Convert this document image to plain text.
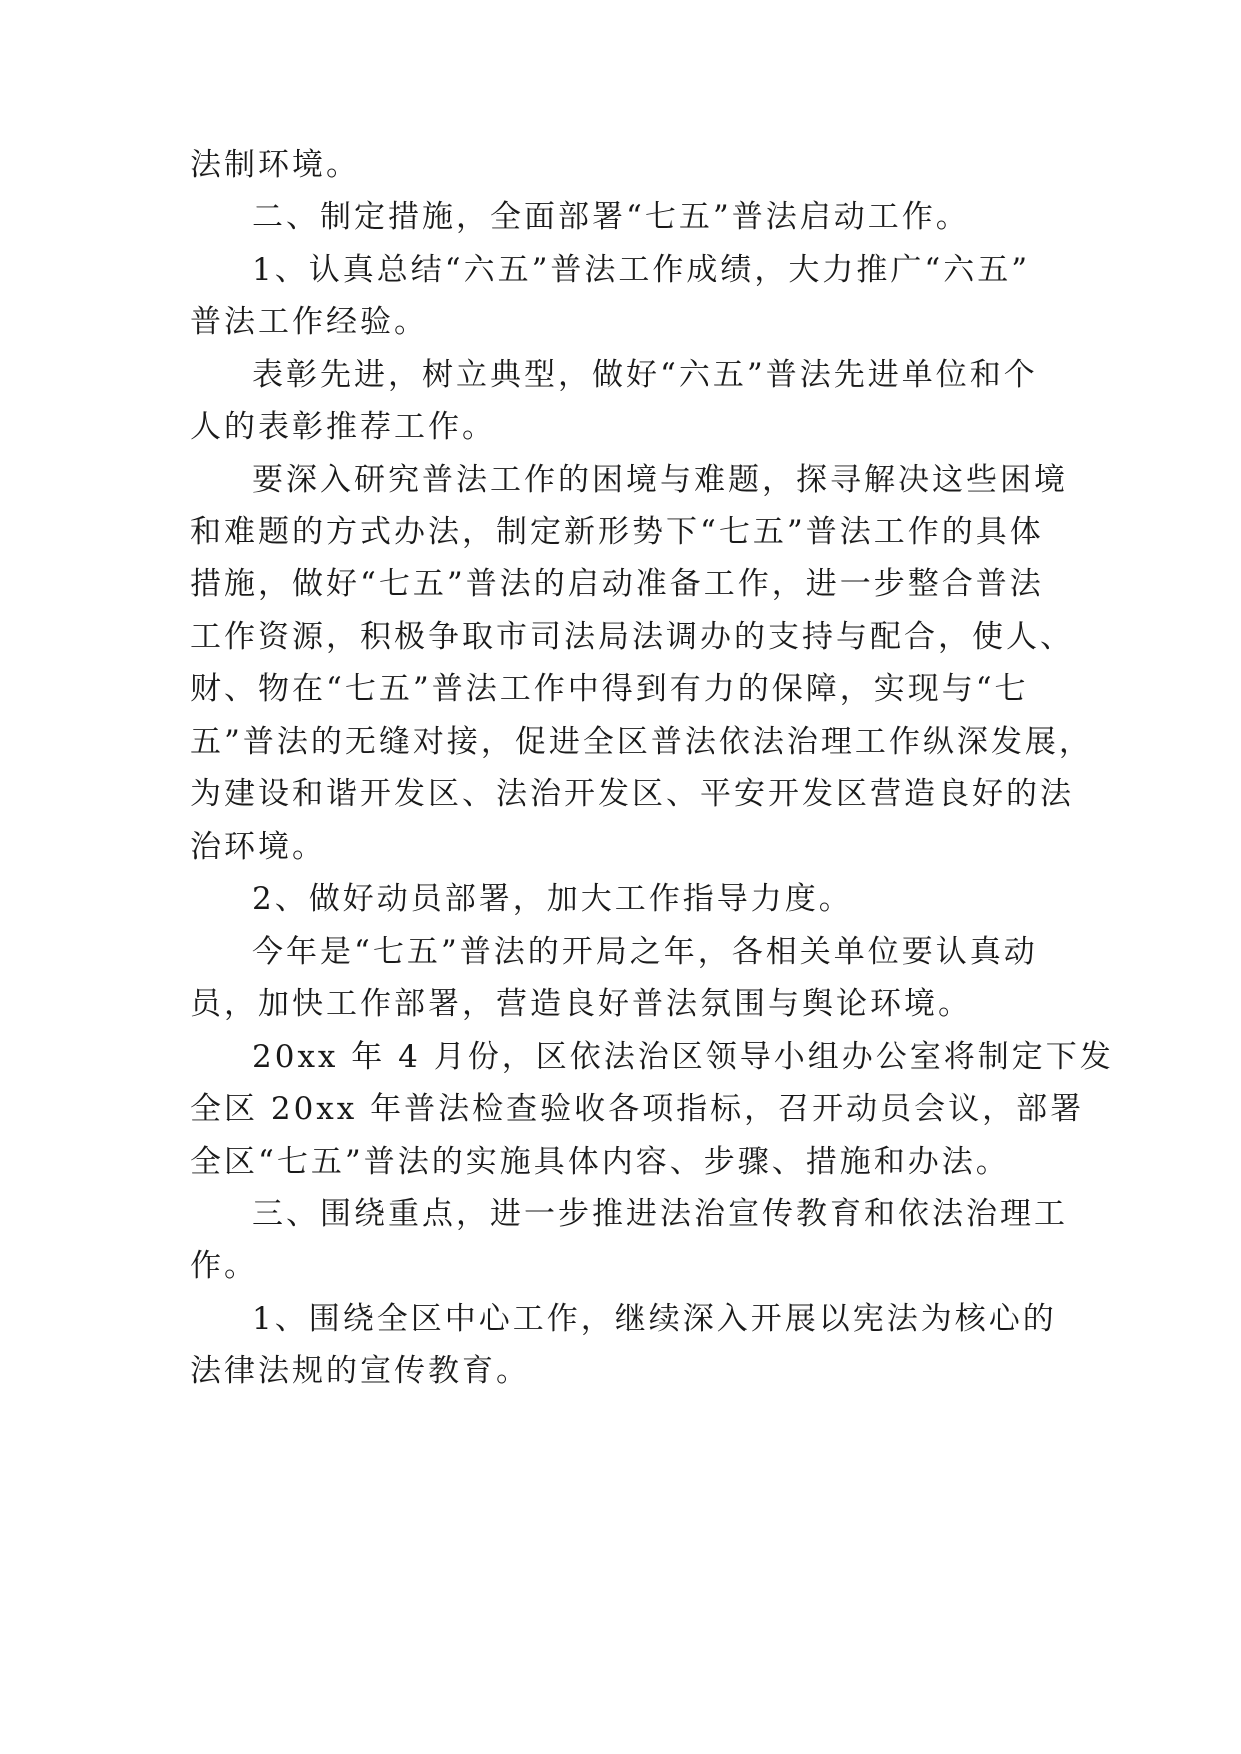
法制环境。
二、制定措施，全面部署“七五”普法启动工作。
1、认真总结“六五”普法工作成绩，大力推广“六五”
普法工作经验。
表彰先进，树立典型，做好“六五”普法先进单位和个
人的表彰推荐工作。
要深入研究普法工作的困境与难题，探寻解决这些困境
和难题的方式办法，制定新形势下“七五”普法工作的具体
措施，做好“七五”普法的启动准备工作，进一步整合普法
工作资源，积极争取市司法局法调办的支持与配合，使人、
财、物在“七五”普法工作中得到有力的保障，实现与“七
五”普法的无缝对接，促进全区普法依法治理工作纵深发展，
为建设和谐开发区、法治开发区、平安开发区营造良好的法
治环境。
2、做好动员部署，加大工作指导力度。
今年是“七五”普法的开局之年，各相关单位要认真动
员，加快工作部署，营造良好普法氛围与舆论环境。
20xx 年 4 月份，区依法治区领导小组办公室将制定下发
全区 20xx 年普法检查验收各项指标，召开动员会议，部署
全区“七五”普法的实施具体内容、步骤、措施和办法。
三、围绕重点，进一步推进法治宣传教育和依法治理工
作。
1、围绕全区中心工作，继续深入开展以宪法为核心的
法律法规的宣传教育。
